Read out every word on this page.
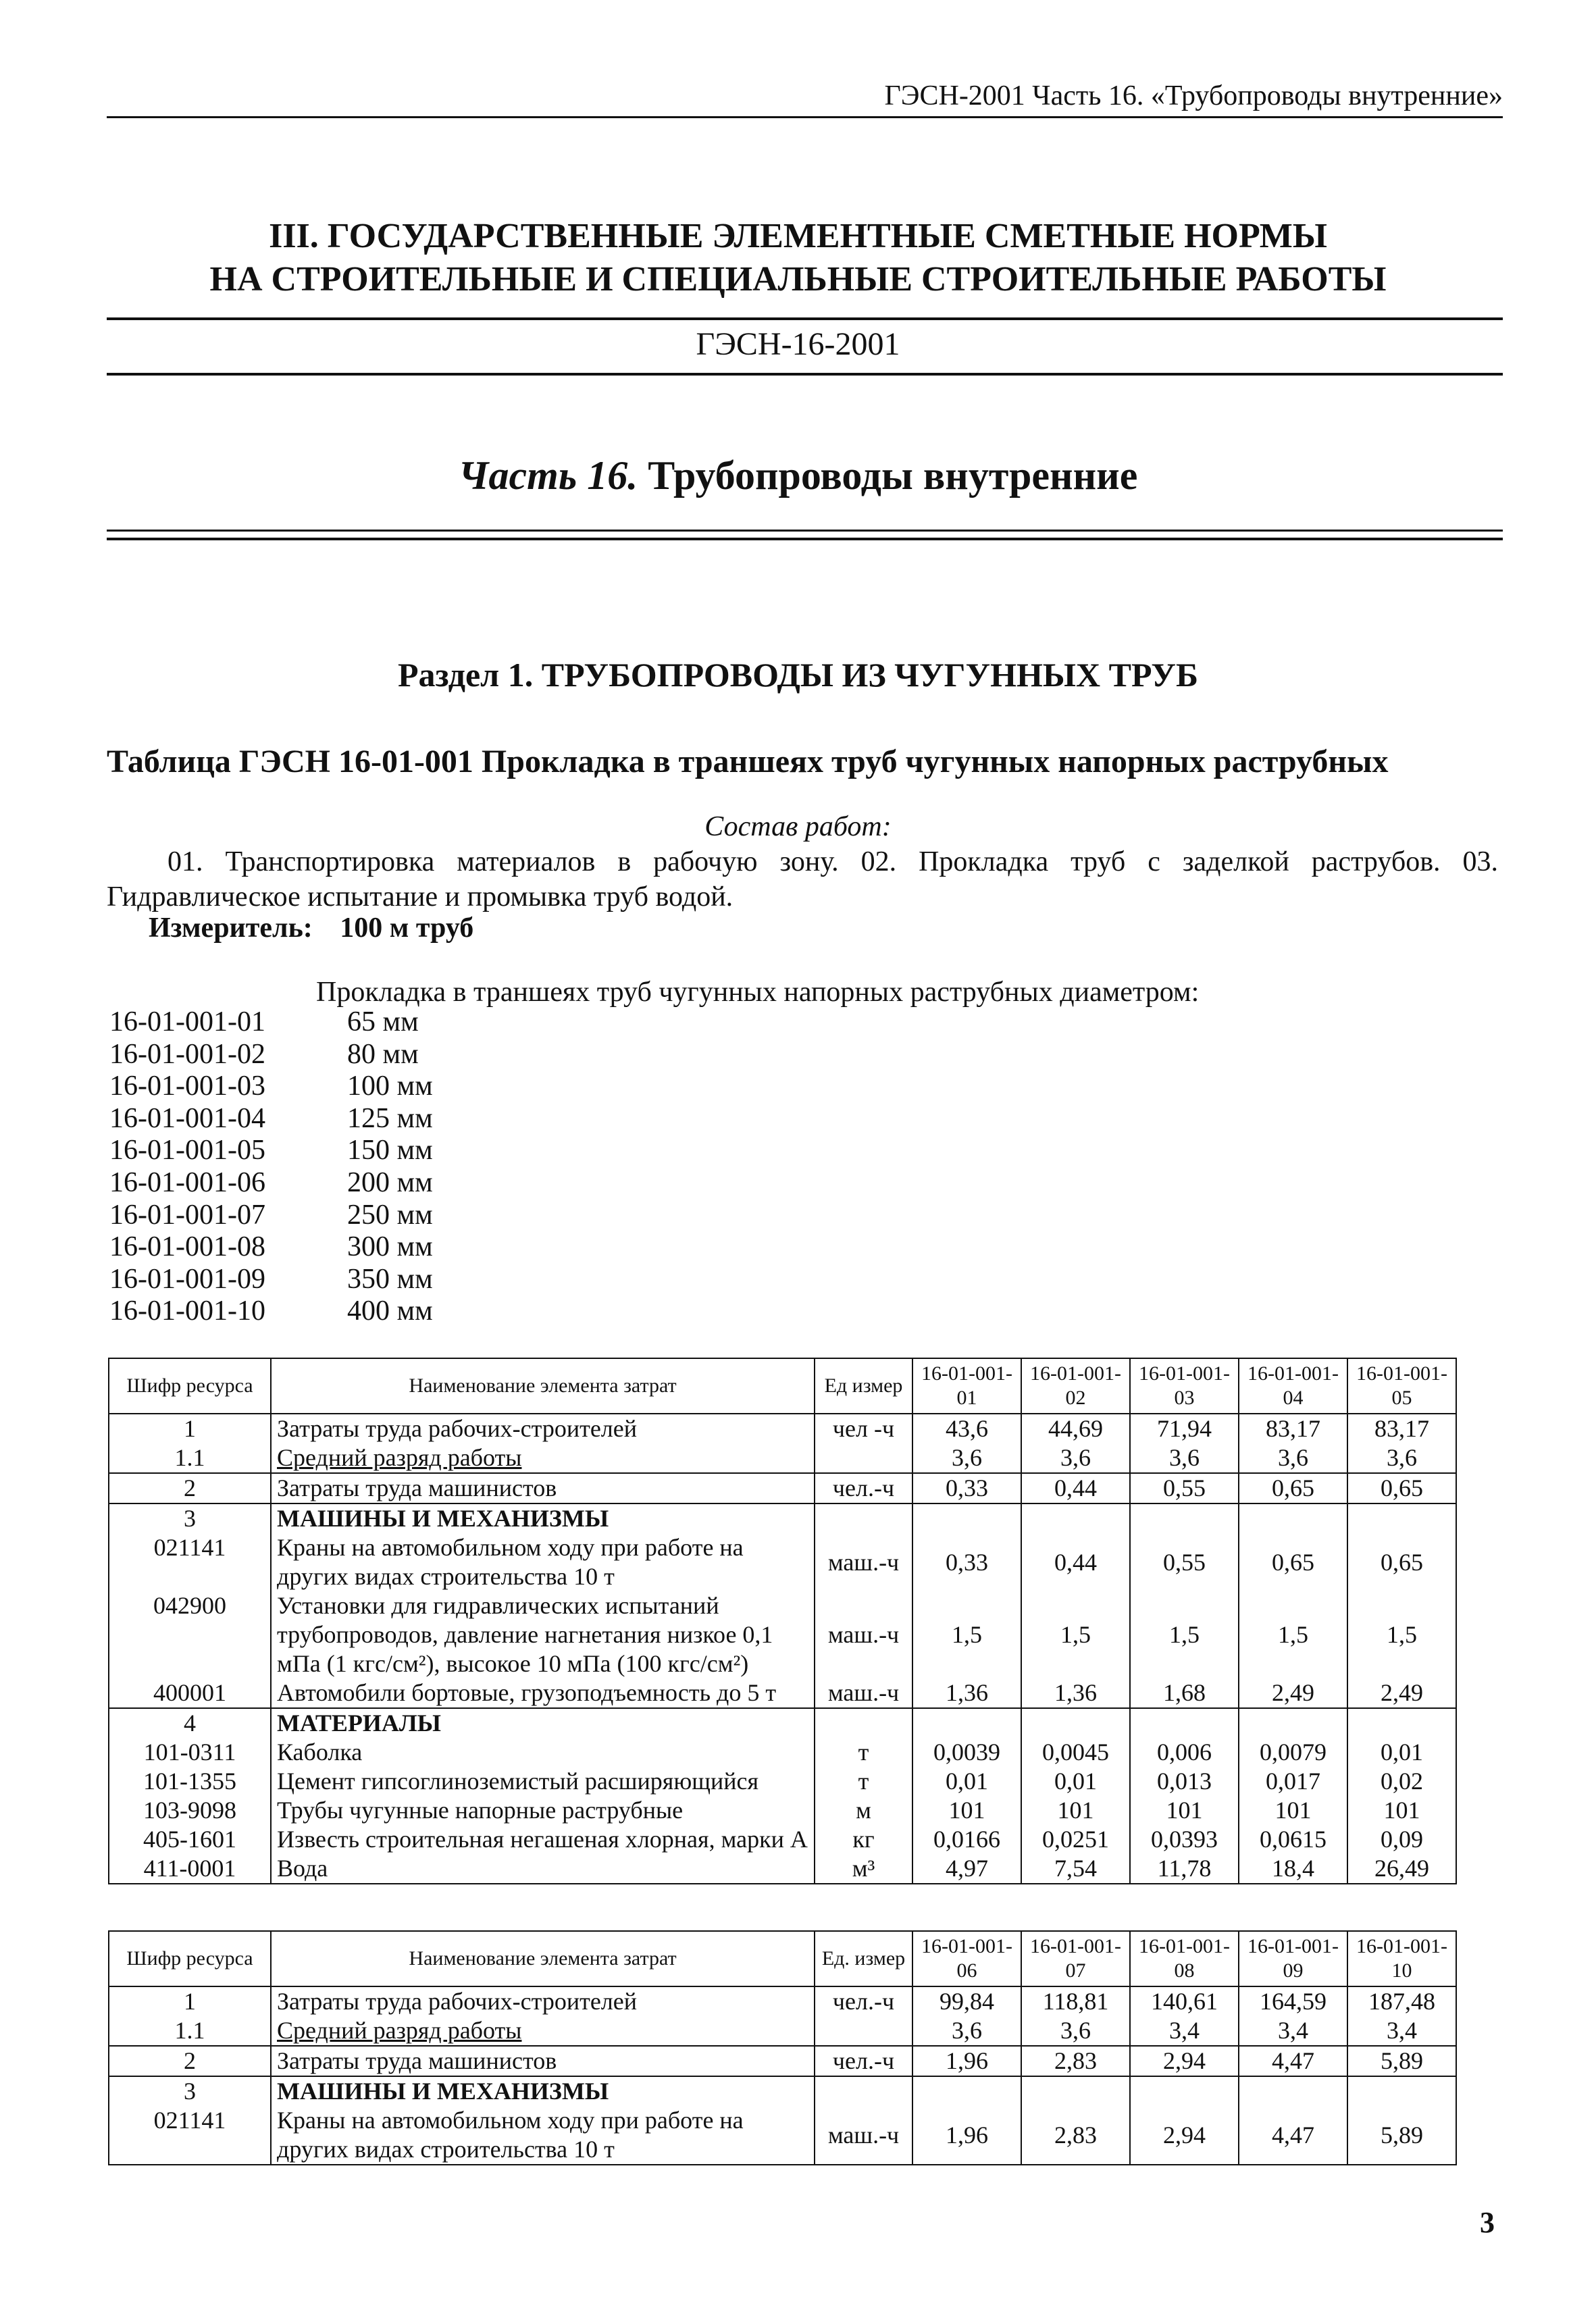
ГЭСН-2001 Часть 16. «Трубопроводы внутренние»
III. ГОСУДАРСТВЕННЫЕ ЭЛЕМЕНТНЫЕ СМЕТНЫЕ НОРМЫ
НА СТРОИТЕЛЬНЫЕ И СПЕЦИАЛЬНЫЕ СТРОИТЕЛЬНЫЕ РАБОТЫ
ГЭСН-16-2001
Часть 16. Трубопроводы внутренние
Раздел 1. ТРУБОПРОВОДЫ ИЗ ЧУГУННЫХ ТРУБ
Таблица ГЭСН 16-01-001 Прокладка в траншеях труб чугунных напорных раструбных
Состав работ:
01. Транспортировка материалов в рабочую зону. 02. Прокладка труб с заделкой раструбов. 03. Гидравлическое испытание и промывка труб водой.
Измеритель: 100 м труб
Прокладка в траншеях труб чугунных напорных раструбных диаметром:
16-01-001-01	65 мм
16-01-001-02	80 мм
16-01-001-03	100 мм
16-01-001-04	125 мм
16-01-001-05	150 мм
16-01-001-06	200 мм
16-01-001-07	250 мм
16-01-001-08	300 мм
16-01-001-09	350 мм
16-01-001-10	400 мм
Шифр ресурса	Наименование элемента затрат	Ед измер	16-01-001-01	16-01-001-02	16-01-001-03	16-01-001-04	16-01-001-05
1	Затраты труда рабочих-строителей	чел -ч	43,6	44,69	71,94	83,17	83,17
1.1	Средний разряд работы		3,6	3,6	3,6	3,6	3,6
2	Затраты труда машинистов	чел.-ч	0,33	0,44	0,55	0,65	0,65
3	МАШИНЫ И МЕХАНИЗМЫ						
021141	Краны на автомобильном ходу при работе на других видах строительства 10 т	маш.-ч	0,33	0,44	0,55	0,65	0,65
042900	Установки для гидравлических испытаний трубопроводов, давление нагнетания низкое 0,1 мПа (1 кгс/см²), высокое 10 мПа (100 кгс/см²)	маш.-ч	1,5	1,5	1,5	1,5	1,5
400001	Автомобили бортовые, грузоподъемность до 5 т	маш.-ч	1,36	1,36	1,68	2,49	2,49
4	МАТЕРИАЛЫ						
101-0311	Каболка	т	0,0039	0,0045	0,006	0,0079	0,01
101-1355	Цемент гипсоглиноземистый расширяющийся	т	0,01	0,01	0,013	0,017	0,02
103-9098	Трубы чугунные напорные раструбные	м	101	101	101	101	101
405-1601	Известь строительная негашеная хлорная, марки А	кг	0,0166	0,0251	0,0393	0,0615	0,09
411-0001	Вода	м³	4,97	7,54	11,78	18,4	26,49
Шифр ресурса	Наименование элемента затрат	Ед. измер	16-01-001-06	16-01-001-07	16-01-001-08	16-01-001-09	16-01-001-10
1	Затраты труда рабочих-строителей	чел.-ч	99,84	118,81	140,61	164,59	187,48
1.1	Средний разряд работы		3,6	3,6	3,4	3,4	3,4
2	Затраты труда машинистов	чел.-ч	1,96	2,83	2,94	4,47	5,89
3	МАШИНЫ И МЕХАНИЗМЫ						
021141	Краны на автомобильном ходу при работе на других видах строительства 10 т	маш.-ч	1,96	2,83	2,94	4,47	5,89
3
